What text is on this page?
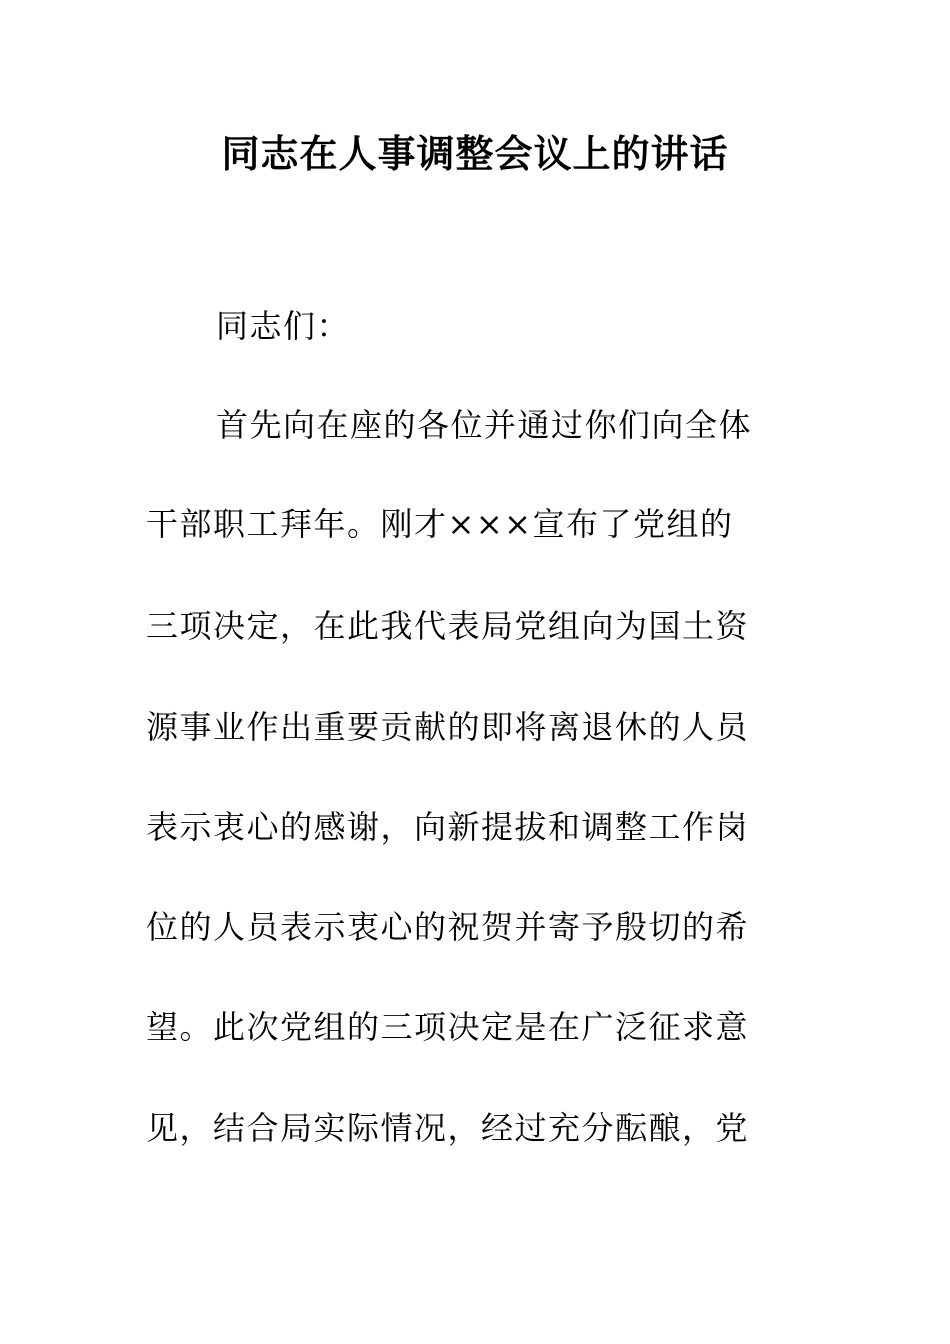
同志在人事调整会议上的讲话
同志们：
首先向在座的各位并通过你们向全体
干部职工拜年。刚才×××宣布了党组的
三项决定，在此我代表局党组向为国土资
源事业作出重要贡献的即将离退休的人员
表示衷心的感谢，向新提拔和调整工作岗
位的人员表示衷心的祝贺并寄予殷切的希
望。此次党组的三项决定是在广泛征求意
见，结合局实际情况，经过充分酝酿，党
